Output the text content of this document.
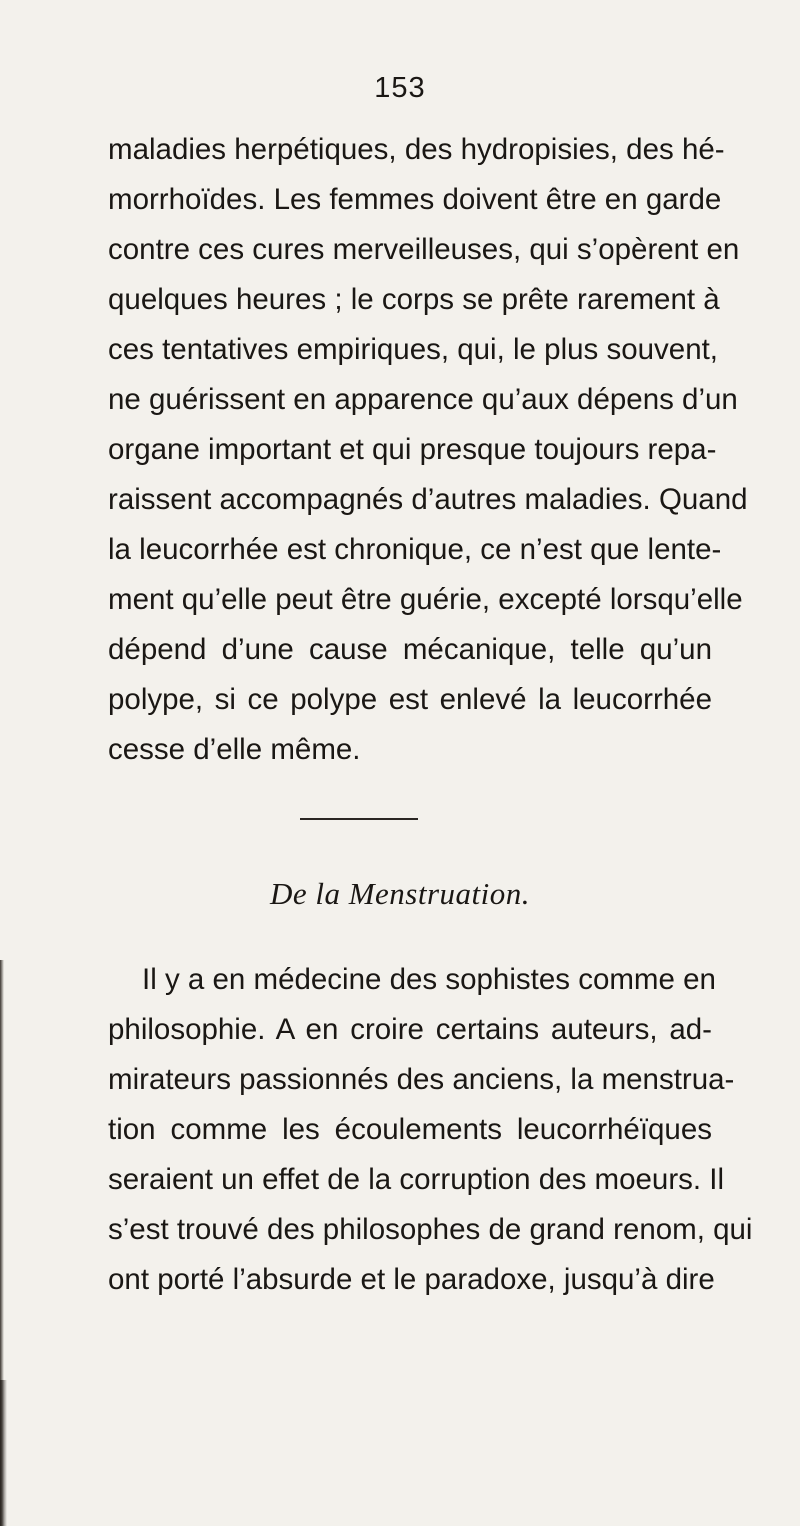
153
maladies herpétiques, des hydropisies, des hé-
morrhoïdes. Les femmes doivent être en garde
contre ces cures merveilleuses, qui s’opèrent en
quelques heures ; le corps se prête rarement à
ces tentatives empiriques, qui, le plus souvent,
ne guérissent en apparence qu’aux dépens d’un
organe important et qui presque toujours repa-
raissent accompagnés d’autres maladies. Quand
la leucorrhée est chronique, ce n’est que lente-
ment qu’elle peut être guérie, excepté lorsqu’elle
dépend d’une cause mécanique, telle qu’un
polype, si ce polype est enlevé la leucorrhée
cesse d’elle même.
De la Menstruation.
Il y a en médecine des sophistes comme en
philosophie. A en croire certains auteurs, ad-
mirateurs passionnés des anciens, la menstrua-
tion comme les écoulements leucorrhéïques
seraient un effet de la corruption des moeurs. Il
s’est trouvé des philosophes de grand renom, qui
ont porté l’absurde et le paradoxe, jusqu’à dire
